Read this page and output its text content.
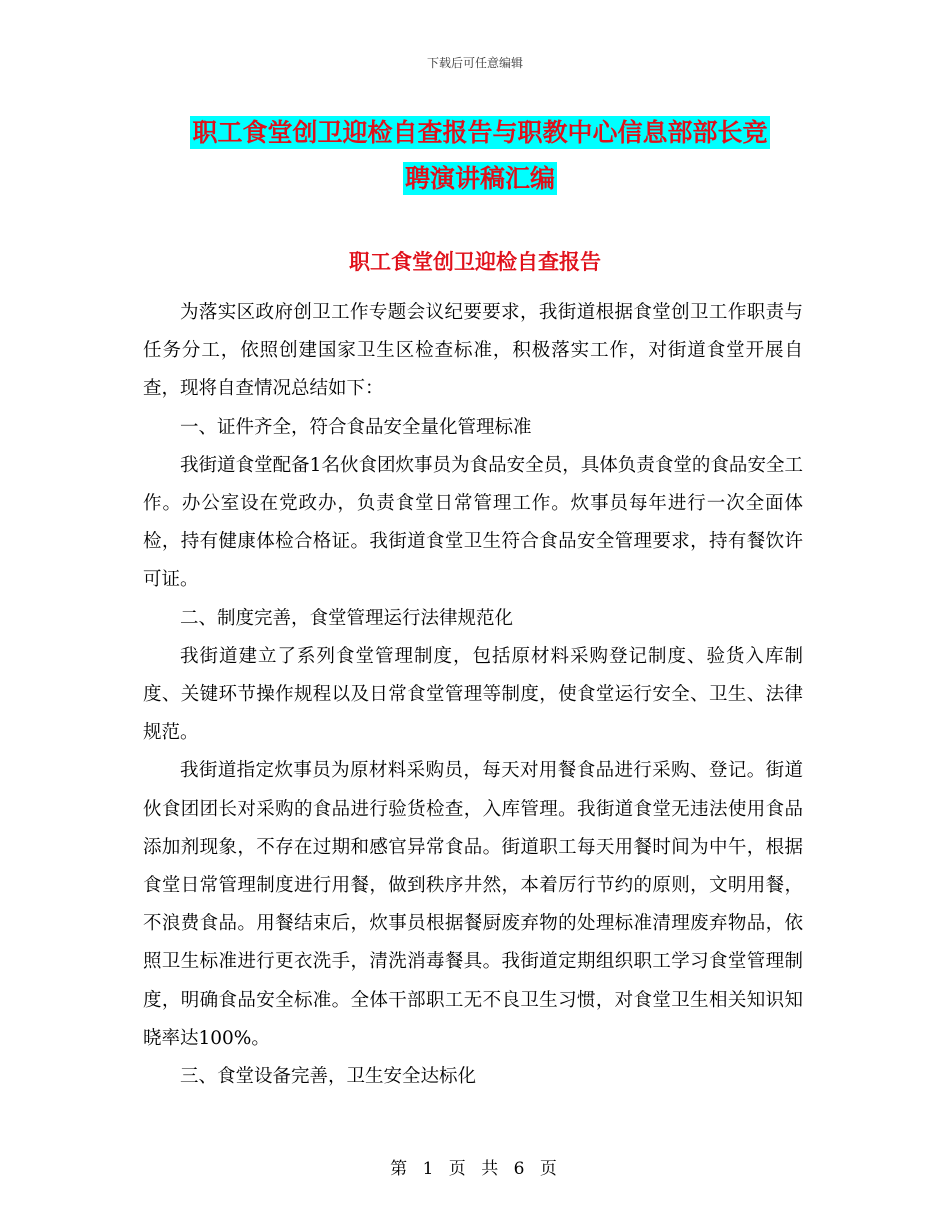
下载后可任意编辑
职工食堂创卫迎检自查报告与职教中心信息部部长竞
聘演讲稿汇编
职工食堂创卫迎检自查报告

为落实区政府创卫工作专题会议纪要要求，我街道根据食堂创卫工作职责与任务分工，依照创建国家卫生区检查标准，积极落实工作，对街道食堂开展自查，现将自查情况总结如下：

一、证件齐全，符合食品安全量化管理标准

我街道食堂配备1名伙食团炊事员为食品安全员，具体负责食堂的食品安全工作。办公室设在党政办，负责食堂日常管理工作。炊事员每年进行一次全面体检，持有健康体检合格证。我街道食堂卫生符合食品安全管理要求，持有餐饮许可证。

二、制度完善，食堂管理运行法律规范化

我街道建立了系列食堂管理制度，包括原材料采购登记制度、验货入库制度、关键环节操作规程以及日常食堂管理等制度，使食堂运行安全、卫生、法律规范。

我街道指定炊事员为原材料采购员，每天对用餐食品进行采购、登记。街道伙食团团长对采购的食品进行验货检查，入库管理。我街道食堂无违法使用食品添加剂现象，不存在过期和感官异常食品。街道职工每天用餐时间为中午，根据食堂日常管理制度进行用餐，做到秩序井然，本着厉行节约的原则，文明用餐，不浪费食品。用餐结束后，炊事员根据餐厨废弃物的处理标准清理废弃物品，依照卫生标准进行更衣洗手，清洗消毒餐具。我街道定期组织职工学习食堂管理制度，明确食品安全标准。全体干部职工无不良卫生习惯，对食堂卫生相关知识知晓率达100%。

三、食堂设备完善，卫生安全达标化

第 1 页 共 6 页
